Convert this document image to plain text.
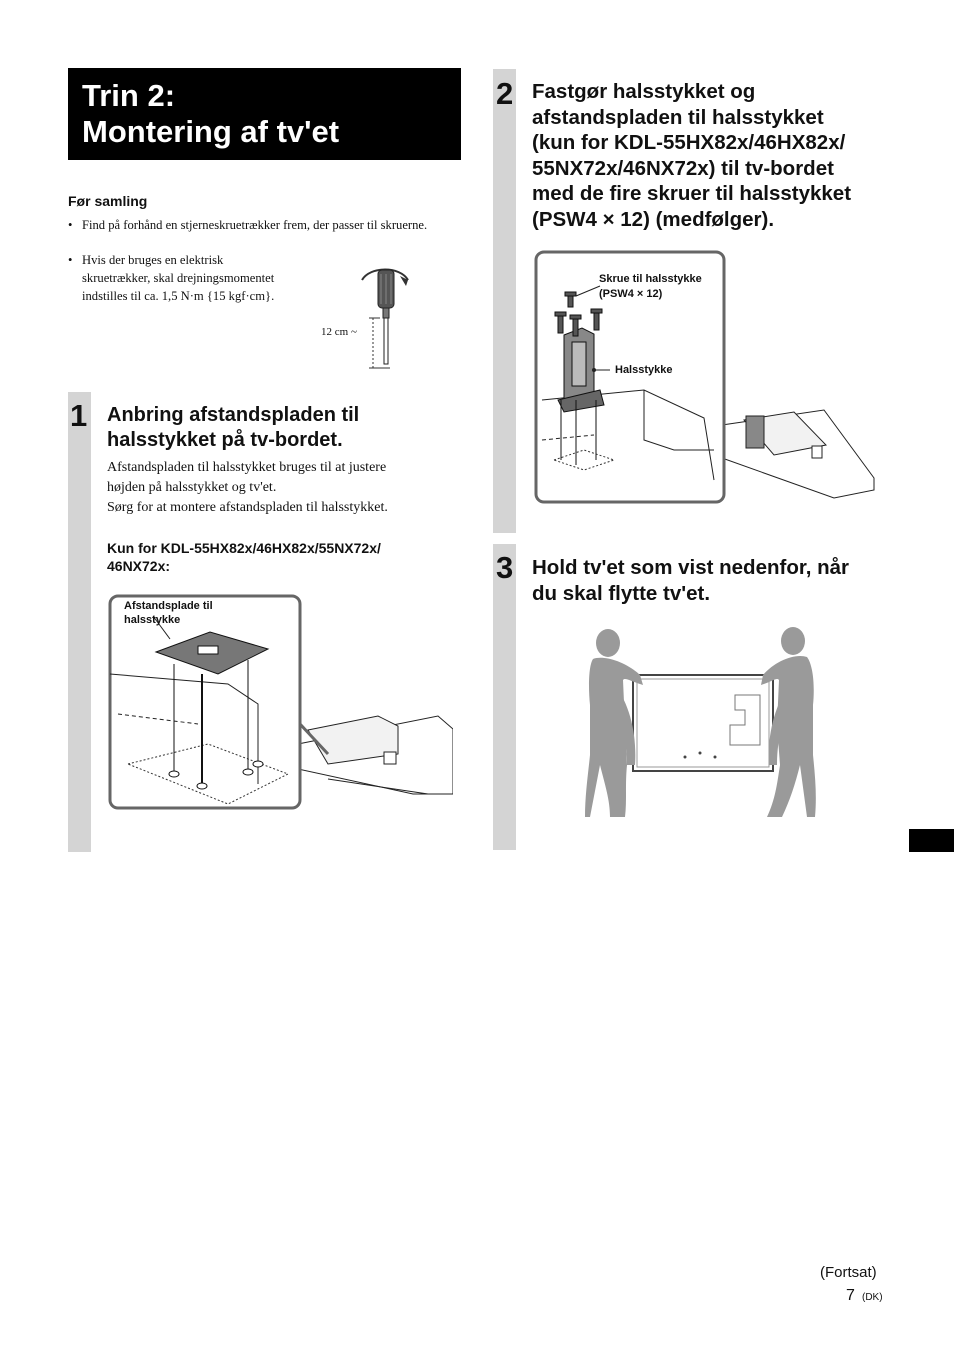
Trin 2:
Montering af tv'et
Før samling
• Find på forhånd en stjerneskruetrækker frem, der passer til skruerne.
• Hvis der bruges en elektrisk
skruetrækker, skal drejningsmomentet
indstilles til ca. 1,5 N·m {15 kgf·cm}.
12 cm ~
1 Anbring afstandspladen til
halsstykket på tv-bordet.
Afstandspladen til halsstykket bruges til at justere
højden på halsstykket og tv'et.
Sørg for at montere afstandspladen til halsstykket.
Kun for KDL-55HX82x/46HX82x/55NX72x/
46NX72x:
Afstandsplade til
halsstykke
2 Fastgør halsstykket og
afstandspladen til halsstykket
(kun for KDL-55HX82x/46HX82x/
55NX72x/46NX72x) til tv-bordet
med de fire skruer til halsstykket
(PSW4 × 12) (medfølger).
Skrue til halsstykke
(PSW4 × 12)
Halsstykke
3 Hold tv'et som vist nedenfor, når
du skal flytte tv'et.
(Fortsat)
7 (DK)
